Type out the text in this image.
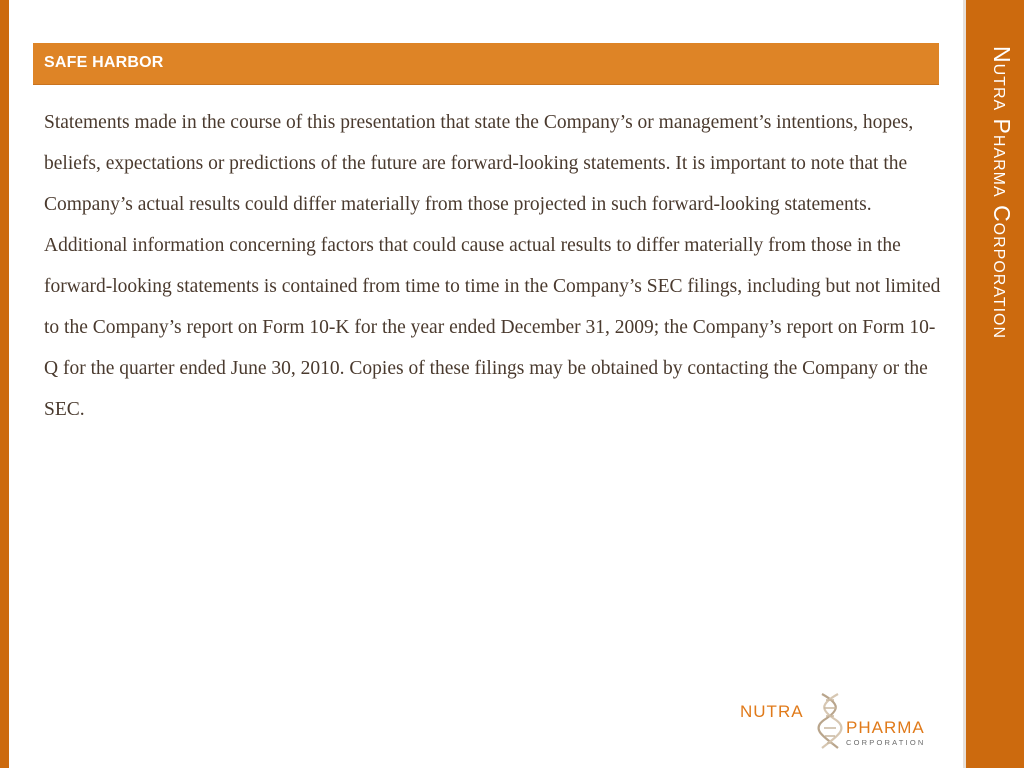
Nutra Pharma Corporation
SAFE HARBOR

Statements made in the course of this presentation that state the Company’s or management’s intentions, hopes, beliefs, expectations or predictions of the future are forward-looking statements. It is important to note that the Company’s actual results could differ materially from those projected in such forward-looking statements. Additional information concerning factors that could cause actual results to differ materially from those in the forward-looking statements is contained from time to time in the Company’s SEC filings, including but not limited to the Company’s report on Form 10-K for the year ended December 31, 2009; the Company’s report on Form 10-Q for the quarter ended June 30, 2010. Copies of these filings may be obtained by contacting the Company or the SEC.

NUTRA
PHARMA
CORPORATION
